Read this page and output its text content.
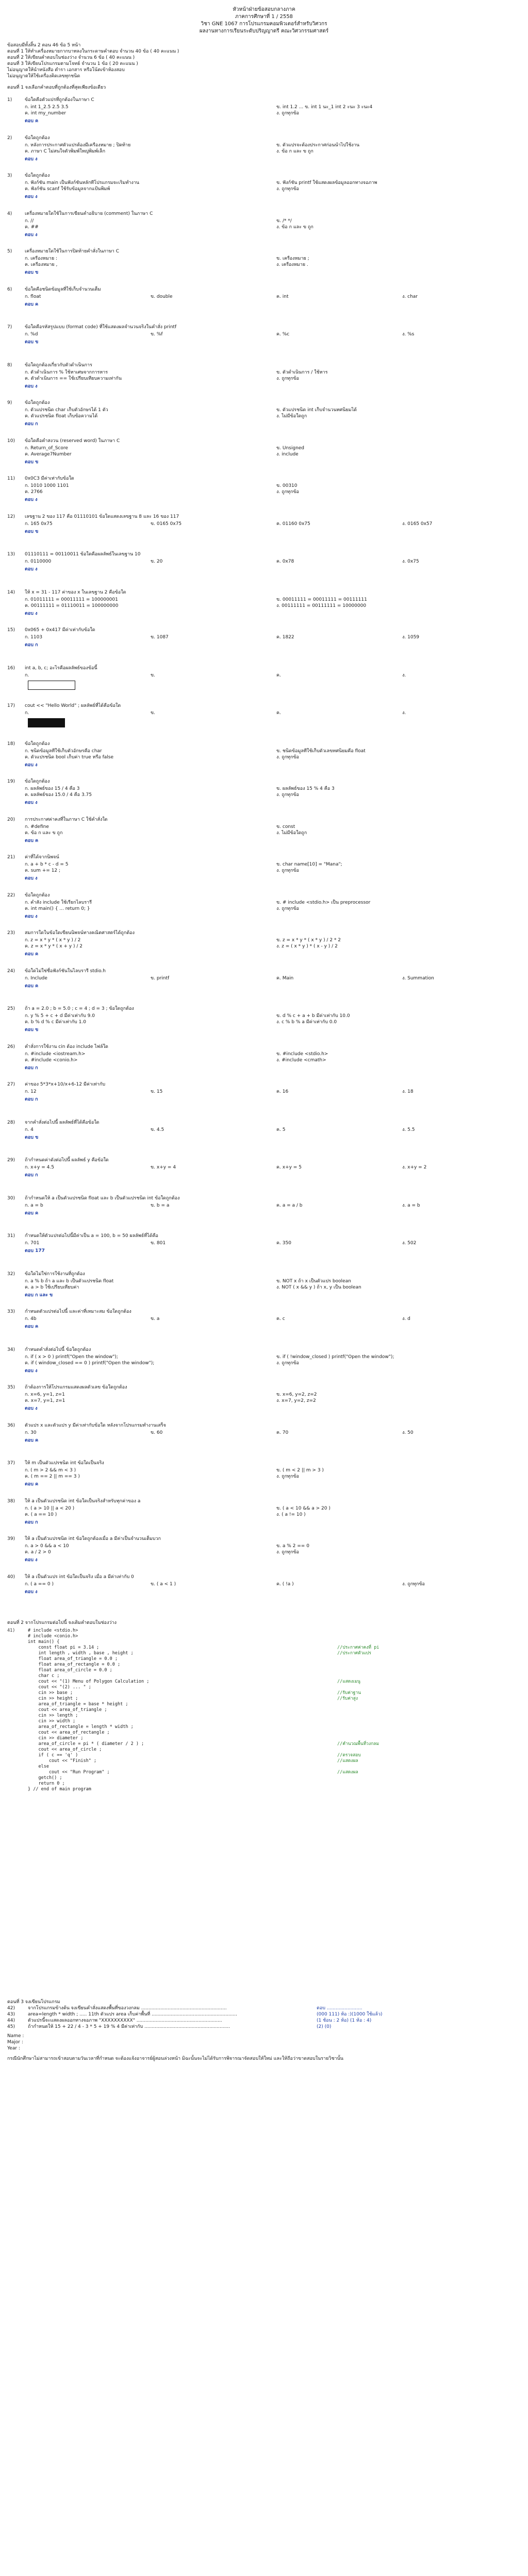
หัวหน้าฝ่ายข้อสอบกลางภาค
ภาคการศึกษาที่ 1 / 2558
วิชา GNE 1067 การโปรแกรมคอมพิวเตอร์สำหรับวิศวกร
ผลงานทางการเรียนระดับปริญญาตรี คณะวิศวกรรมศาสตร์
ข้อสอบมีทั้งสิ้น 2 ตอน 46 ข้อ 5 หน้า
ตอนที่ 1 ให้ทำเครื่องหมายกากบาทลงในกระดาษคำตอบ จำนวน 40 ข้อ ( 40 คะแนน )
ตอนที่ 2 ให้เขียนคำตอบในช่องว่าง จำนวน 6 ข้อ ( 40 คะแนน )
ตอนที่ 3 ให้เขียนโปรแกรมตามโจทย์ จำนวน 1 ข้อ ( 20 คะแนน )
ไม่อนุญาตให้นำหนังสือ ตำรา เอกสาร หรือโน้ตเข้าห้องสอบ
ไม่อนุญาตให้ใช้เครื่องคิดเลขทุกชนิด
ตอนที่ 1 จงเลือกคำตอบที่ถูกต้องที่สุดเพียงข้อเดียว
1)	ข้อใดคือตัวแปรที่ถูกต้องในภาษา C
ก. int 1_2.5 2.5 3.5	ข. int 1.2 ... ข. int 1 นะ_1 int 2 ะนะ 3 ะนะ4
ค. int my_number	ง. ถูกทุกข้อ
ตอบ ค
2)	ข้อใดถูกต้อง
ก. หลังการประกาศตัวแปรต้องมีเครื่องหมาย ; ปิดท้าย	ข. ตัวแปรจะต้องประกาศก่อนนำไปใช้งาน
ค. ภาษา C ไม่สนใจตัวพิมพ์ใหญ่พิมพ์เล็ก	ง. ข้อ ก และ ข ถูก
ตอบ ง
3)	ข้อใดถูกต้อง
ก. ฟังก์ชัน main เป็นฟังก์ชันหลักที่โปรแกรมจะเริ่มทำงาน	ข. ฟังก์ชัน printf ใช้แสดงผลข้อมูลออกทางจอภาพ
ค. ฟังก์ชัน scanf ใช้รับข้อมูลจากแป้นพิมพ์	ง. ถูกทุกข้อ
ตอบ ง
4)	เครื่องหมายใดใช้ในการเขียนคำอธิบาย (comment) ในภาษา C
ก. //	ข. /* */
ค. ##	ง. ข้อ ก และ ข ถูก
ตอบ ง
5)	เครื่องหมายใดใช้ในการปิดท้ายคำสั่งในภาษา C
ก. เครื่องหมาย :	ข. เครื่องหมาย ;
ค. เครื่องหมาย ,	ง. เครื่องหมาย .
ตอบ ข
6)	ข้อใดคือชนิดข้อมูลที่ใช้เก็บจำนวนเต็ม
ก. float	ข. double	ค. int	ง. char
ตอบ ค
7)	ข้อใดคือรหัสรูปแบบ (format code) ที่ใช้แสดงผลจำนวนจริงในคำสั่ง printf
ก. %d	ข. %f	ค. %c	ง. %s
ตอบ ข
8)	ข้อใดถูกต้องเกี่ยวกับตัวดำเนินการ
ก. ตัวดำเนินการ % ใช้หาเศษจากการหาร	ข. ตัวดำเนินการ / ใช้หาร
ค. ตัวดำเนินการ == ใช้เปรียบเทียบความเท่ากัน	ง. ถูกทุกข้อ
ตอบ ง
9)	ข้อใดถูกต้อง
ก. ตัวแปรชนิด char เก็บตัวอักษรได้ 1 ตัว	ข. ตัวแปรชนิด int เก็บจำนวนทศนิยมได้
ค. ตัวแปรชนิด float เก็บข้อความได้	ง. ไม่มีข้อใดถูก
ตอบ ก
10)	ข้อใดคือคำสงวน (reserved word) ในภาษา C
ก. Return_of_Score	ข. Unsigned
ค. Average7Number	ง. include
ตอบ ข
11)	0x0C3 มีค่าเท่ากับข้อใด
ก. 1010 1000 1101	ข. 00310
ค. 2766	ง. ถูกทุกข้อ
ตอบ ง
12)	เลขฐาน 2 ของ 117 คือ 01110101 ข้อใดแสดงเลขฐาน 8 และ 16 ของ 117
ก. 165 0x75	ข. 0165 0x75	ค. 01160 0x75	ง. 0165 0x57
ตอบ ข
13)	01110111 = 00110011 ข้อใดคือผลลัพธ์ในเลขฐาน 10
ก. 0110000	ข. 20	ค. 0x78	ง. 0x75
ตอบ ง
14)	ให้ x = 31 - 117 ค่าของ x ในเลขฐาน 2 คือข้อใด
ก. 01011111 = 00011111 = 100000001	ข. 00011111 = 00011111 = 00111111
ค. 00111111 = 01110011 = 100000000	ง. 00111111 = 00111111 = 10000000
ตอบ ง
15)	0x065 + 0x417 มีค่าเท่ากับข้อใด
ก. 1103	ข. 1087	ค. 1822	ง. 1059
ตอบ ก
16)	int a, b, c; อะไรคือผลลัพธ์ของข้อนี้
ก.	ข.	ค.	ง.
17)	cout << "Hello World" ; ผลลัพธ์ที่ได้คือข้อใด
ก.	ข.	ค.	ง.
18)	ข้อใดถูกต้อง
ก. ชนิดข้อมูลที่ใช้เก็บตัวอักษรคือ char	ข. ชนิดข้อมูลที่ใช้เก็บตัวเลขทศนิยมคือ float
ค. ตัวแปรชนิด bool เก็บค่า true หรือ false	ง. ถูกทุกข้อ
ตอบ ง
19)	ข้อใดถูกต้อง
ก. ผลลัพธ์ของ 15 / 4 คือ 3	ข. ผลลัพธ์ของ 15 % 4 คือ 3
ค. ผลลัพธ์ของ 15.0 / 4 คือ 3.75	ง. ถูกทุกข้อ
ตอบ ง
20)	การประกาศค่าคงที่ในภาษา C ใช้คำสั่งใด
ก. #define	ข. const
ค. ข้อ ก และ ข ถูก	ง. ไม่มีข้อใดถูก
ตอบ ค
21)	ค่าที่ได้จากนิพจน์
ก. a + b * c - d = 5	ข. char name[10] = "Mana";
ค. sum += 12 ;	ง. ถูกทุกข้อ
ตอบ ง
22)	ข้อใดถูกต้อง
ก. คำสั่ง include ใช้เรียกไลบรารี	ข. # include <stdio.h> เป็น preprocessor
ค. int main() { ... return 0; }	ง. ถูกทุกข้อ
ตอบ ง
23)	สมการใดในข้อใดเขียนนิพจน์ทางคณิตศาสตร์ได้ถูกต้อง
ก. z = x * y * ( x * y ) / 2	ข. z = x * y * ( x * y ) / 2 * 2
ค. z = x * y * ( x + y ) / 2	ง. z = ( x * y ) * ( x - y ) / 2
ตอบ ค
24)	ข้อใดไม่ใช่ชื่อฟังก์ชันในไลบรารี stdio.h
ก. Include	ข. printf	ค. Main	ง. Summation
ตอบ ค
25)	ถ้า a = 2.0 ; b = 5.0 ; c = 4 ; d = 3 ; ข้อใดถูกต้อง
ก. y % 5 + c + d มีค่าเท่ากับ 9.0	ข. d % c + a + b มีค่าเท่ากับ 10.0
ค. b % d % c มีค่าเท่ากับ 1.0	ง. c % b % a มีค่าเท่ากับ 0.0
ตอบ ข
26)	คำสั่งการใช้งาน cin ต้อง include ไฟล์ใด
ก. #include <iostream.h>	ข. #include <stdio.h>
ค. #include <conio.h>	ง. #include <cmath>
ตอบ ก
27)	ค่าของ 5*3*x+10/x+6-12 มีค่าเท่ากับ
ก. 12	ข. 15	ค. 16	ง. 18
ตอบ ก
28)	จากคำสั่งต่อไปนี้ ผลลัพธ์ที่ได้คือข้อใด
ก. 4	ข. 4.5	ค. 5	ง. 5.5
ตอบ ข
29)	ถ้ากำหนดค่าดังต่อไปนี้ ผลลัพธ์ y คือข้อใด
ก. x+y = 4.5	ข. x+y = 4	ค. x+y = 5	ง. x+y = 2
ตอบ ก
30)	ถ้ากำหนดให้ a เป็นตัวแปรชนิด float และ b เป็นตัวแปรชนิด int ข้อใดถูกต้อง
ก. a = b	ข. b = a	ค. a = a / b	ง. a = b
ตอบ ค
31)	กำหนดให้ตัวแปรต่อไปนี้มีค่าเป็น a = 100, b = 50 ผลลัพธ์ที่ได้คือ
ก. 701	ข. 801	ค. 350	ง. 502
ตอบ 177
32)	ข้อใดไม่ใช่การใช้งานที่ถูกต้อง
ก. a % b ถ้า a และ b เป็นตัวแปรชนิด float	ข. NOT x ถ้า x เป็นตัวแปร boolean
ค. a > b ใช้เปรียบเทียบค่า	ง. NOT ( x && y ) ถ้า x, y เป็น boolean
ตอบ ก และ ข
33)	กำหนดตัวแปรต่อไปนี้ และค่าที่เหมาะสม ข้อใดถูกต้อง
ก. 4b	ข. a	ค. c	ง. d
ตอบ ค
34)	กำหนดคำสั่งต่อไปนี้ ข้อใดถูกต้อง
ก. if ( x > 0 ) printf("Open the window");	ข. if ( !window_closed ) printf("Open the window");
ค. if ( window_closed == 0 ) printf("Open the window");	ง. ถูกทุกข้อ
ตอบ ง
35)	ถ้าต้องการให้โปรแกรมแสดงผลตัวเลข ข้อใดถูกต้อง
ก. x=6, y=1, z=1	ข. x=6, y=2, z=2
ค. x=7, y=1, z=1	ง. x=7, y=2, z=2
ตอบ ง
36)	ตัวแปร x และตัวแปร y มีค่าเท่ากับข้อใด หลังจากโปรแกรมทำงานเสร็จ
ก. 30	ข. 60	ค. 70	ง. 50
ตอบ ค
37)	ให้ m เป็นตัวแปรชนิด int ข้อใดเป็นจริง
ก. ( m > 2 && m < 3 )	ข. ( m < 2 || m > 3 )
ค. ( m == 2 || m == 3 )	ง. ถูกทุกข้อ
ตอบ ค
38)	ให้ a เป็นตัวแปรชนิด int ข้อใดเป็นจริงสำหรับทุกค่าของ a
ก. ( a > 10 || a < 20 )	ข. ( a < 10 && a > 20 )
ค. ( a == 10 )	ง. ( a != 10 )
ตอบ ก
39)	ให้ a เป็นตัวแปรชนิด int ข้อใดถูกต้องเมื่อ a มีค่าเป็นจำนวนเต็มบวก
ก. a > 0 && a < 10	ข. a % 2 == 0
ค. a / 2 > 0	ง. ถูกทุกข้อ
ตอบ ง
40)	ให้ a เป็นตัวแปร int ข้อใดเป็นจริง เมื่อ a มีค่าเท่ากับ 0
ก. ( a == 0 )	ข. ( a < 1 )	ค. ( !a )	ง. ถูกทุกข้อ
ตอบ ง
ตอนที่ 2 จากโปรแกรมต่อไปนี้ จงเติมคำตอบในช่องว่าง
41)	# include <stdio.h>
# include <conio.h>
int main() {
const float pi = 3.14 ;	//ประกาศค่าคงที่ pi
int length , width , base , height ;	//ประกาศตัวแปร
float area_of_triangle = 0.0 ;
float area_of_rectangle = 0.0 ;
float area_of_circle = 0.0 ;
char c ;
cout << "(1) Menu of Polygon Calculation ;	//แสดงเมนู
cout << "(2) ... " ;
cin >> base ;	//รับค่าฐาน
cin >> height ;	//รับค่าสูง
area_of_triangle = base * height ;
cout << area_of_triangle ;
cin >> length ;
cin >> width ;
area_of_rectangle = length * width ;
cout << area_of_rectangle ;
cin >> diameter ;
area_of_circle = pi * ( diameter / 2 ) ;	//คำนวณพื้นที่วงกลม
cout << area_of_circle ;
if ( c == 'q' )	//ตรวจสอบ
cout << "Finish" ;	//แสดงผล
else
cout << "Run Program" ;	//แสดงผล
getch() ;
return 0 ;
} // end of main program
ตอนที่ 3 จงเขียนโปรแกรม
42)	จากโปรแกรมข้างต้น จงเขียนคำสั่งแสดงพื้นที่ของวงกลม ..........................................................	ตอบ ........................
43)	area=length * width ; ..... 11th ตัวแปร area เก็บค่าพื้นที่ ..........................................................	(000 111) ห้อ :)(1000 ใช้แล้ว)
44)	ตัวแปรนี้จะแสดงผลออกทางจอภาพ "XXXXXXXXXX" ..........................................................	(1 ช้อน : 2 ห้อ) (1 ห้อ : 4)
45)	ถ้ากำหนดให้ 15 + 22 / 4 - 3 * 5 + 19 % 4 มีค่าเท่ากับ ..........................................................	(2) (0)
Name :
Major :
Year :
กรณีนักศึกษาไม่สามารถเข้าสอบตามวันเวลาที่กำหนด จะต้องแจ้งอาจารย์ผู้สอนล่วงหน้า มิฉะนั้นจะไม่ได้รับการพิจารณาจัดสอบให้ใหม่ และให้ถือว่าขาดสอบในรายวิชานั้น
